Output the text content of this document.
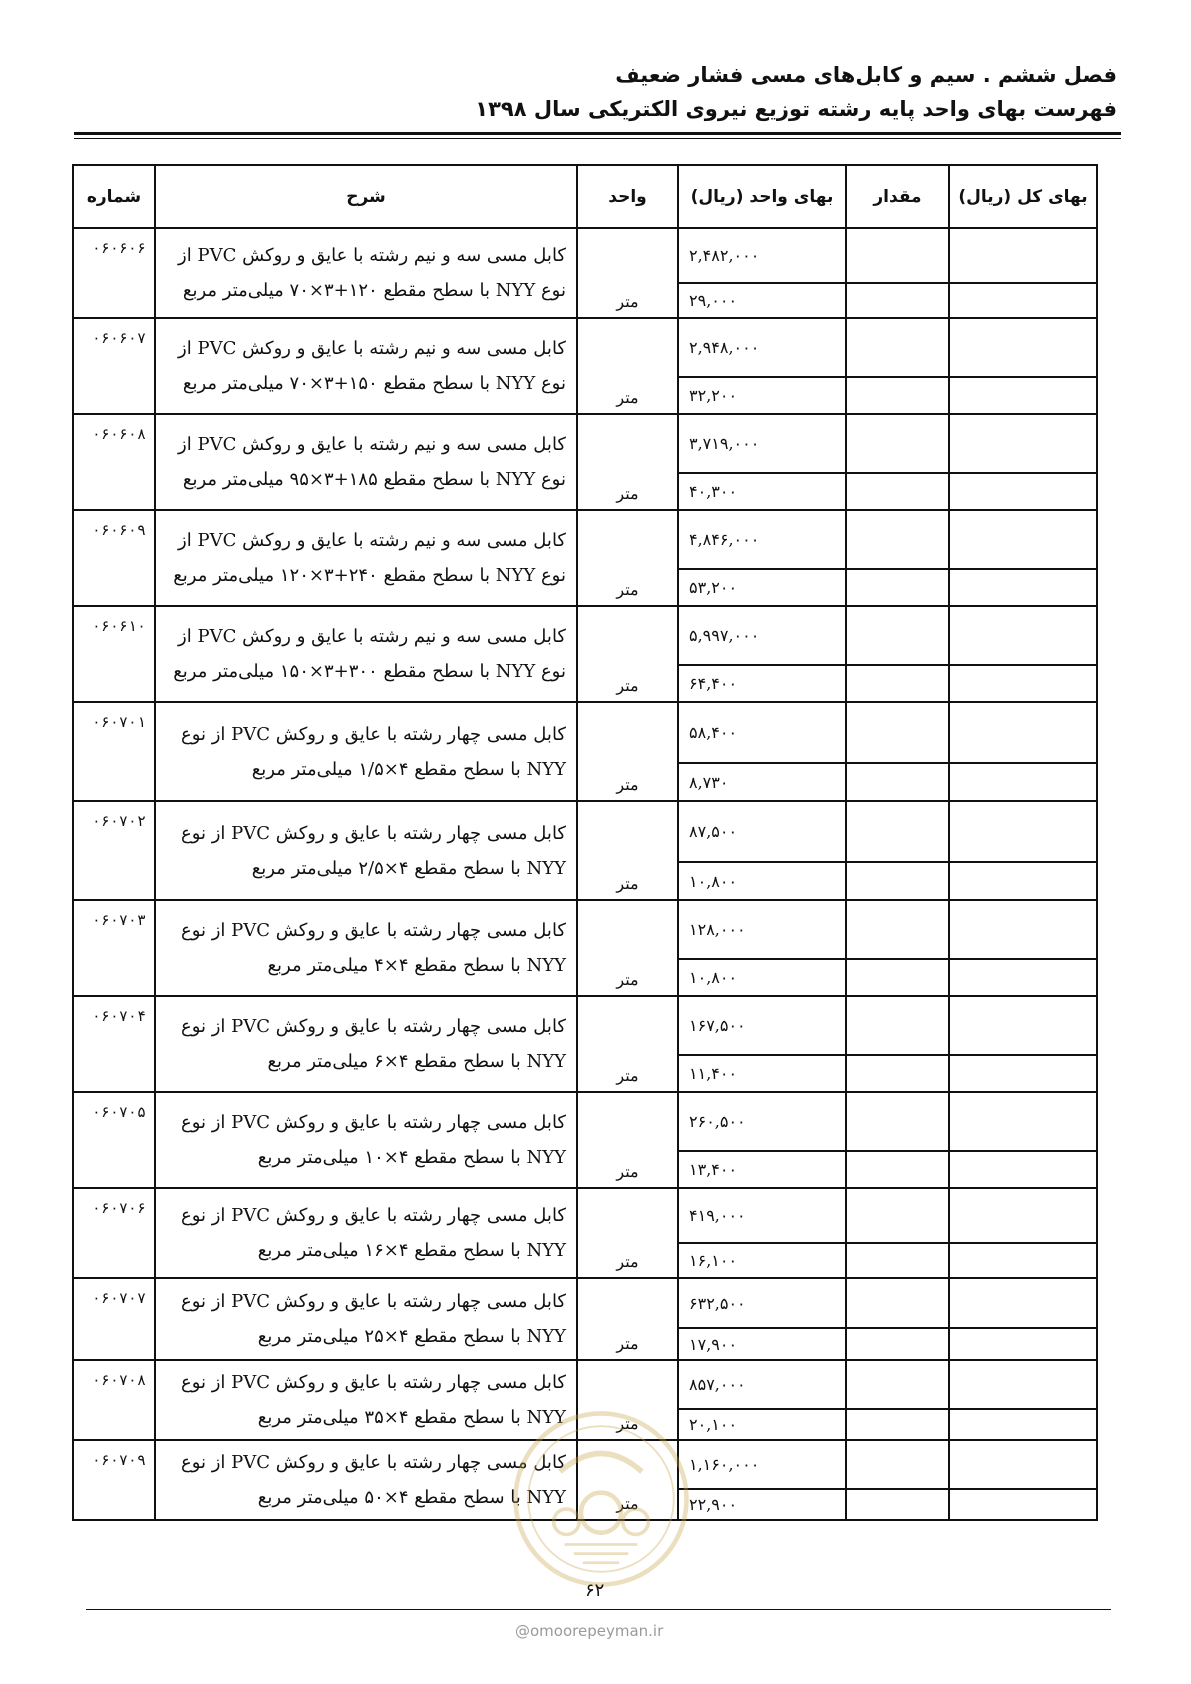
فصل ششم . سیم و کابل‌های مسی فشار ضعیف
فهرست بهای واحد پایه رشته توزیع نیروی الکتریکی سال ۱۳۹۸
بهای کل (ریال)	مقدار	بهای واحد (ریال)	واحد	شرح	شماره
		۲,۴۸۲,۰۰۰	متر	کابل مسی سه و نیم رشته با عایق و روکش PVC از
نوع NYY با سطح مقطع ۱۲۰+۳×۷۰ میلی‌متر مربع	۰۶۰۶۰۶
		۲۹,۰۰۰			
		۲,۹۴۸,۰۰۰	متر	کابل مسی سه و نیم رشته با عایق و روکش PVC از
نوع NYY با سطح مقطع ۱۵۰+۳×۷۰ میلی‌متر مربع	۰۶۰۶۰۷
		۳۲,۲۰۰			
		۳,۷۱۹,۰۰۰	متر	کابل مسی سه و نیم رشته با عایق و روکش PVC از
نوع NYY با سطح مقطع ۱۸۵+۳×۹۵ میلی‌متر مربع	۰۶۰۶۰۸
		۴۰,۳۰۰			
		۴,۸۴۶,۰۰۰	متر	کابل مسی سه و نیم رشته با عایق و روکش PVC از
نوع NYY با سطح مقطع ۲۴۰+۳×۱۲۰ میلی‌متر مربع	۰۶۰۶۰۹
		۵۳,۲۰۰			
		۵,۹۹۷,۰۰۰	متر	کابل مسی سه و نیم رشته با عایق و روکش PVC از
نوع NYY با سطح مقطع ۳۰۰+۳×۱۵۰ میلی‌متر مربع	۰۶۰۶۱۰
		۶۴,۴۰۰			
		۵۸,۴۰۰	متر	کابل مسی چهار رشته با عایق و روکش PVC از نوع
NYY با سطح مقطع ۴×۱/۵ میلی‌متر مربع	۰۶۰۷۰۱
		۸,۷۳۰			
		۸۷,۵۰۰	متر	کابل مسی چهار رشته با عایق و روکش PVC از نوع
NYY با سطح مقطع ۴×۲/۵ میلی‌متر مربع	۰۶۰۷۰۲
		۱۰,۸۰۰			
		۱۲۸,۰۰۰	متر	کابل مسی چهار رشته با عایق و روکش PVC از نوع
NYY با سطح مقطع ۴×۴ میلی‌متر مربع	۰۶۰۷۰۳
		۱۰,۸۰۰			
		۱۶۷,۵۰۰	متر	کابل مسی چهار رشته با عایق و روکش PVC از نوع
NYY با سطح مقطع ۴×۶ میلی‌متر مربع	۰۶۰۷۰۴
		۱۱,۴۰۰			
		۲۶۰,۵۰۰	متر	کابل مسی چهار رشته با عایق و روکش PVC از نوع
NYY با سطح مقطع ۴×۱۰ میلی‌متر مربع	۰۶۰۷۰۵
		۱۳,۴۰۰			
		۴۱۹,۰۰۰	متر	کابل مسی چهار رشته با عایق و روکش PVC از نوع
NYY با سطح مقطع ۴×۱۶ میلی‌متر مربع	۰۶۰۷۰۶
		۱۶,۱۰۰			
		۶۳۲,۵۰۰	متر	کابل مسی چهار رشته با عایق و روکش PVC از نوع
NYY با سطح مقطع ۴×۲۵ میلی‌متر مربع	۰۶۰۷۰۷
		۱۷,۹۰۰			
		۸۵۷,۰۰۰	متر	کابل مسی چهار رشته با عایق و روکش PVC از نوع
NYY با سطح مقطع ۴×۳۵ میلی‌متر مربع	۰۶۰۷۰۸
		۲۰,۱۰۰			
		۱,۱۶۰,۰۰۰	متر	کابل مسی چهار رشته با عایق و روکش PVC از نوع
NYY با سطح مقطع ۴×۵۰ میلی‌متر مربع	۰۶۰۷۰۹
		۲۲,۹۰۰			
۶۲
@omoorepeyman.ir
